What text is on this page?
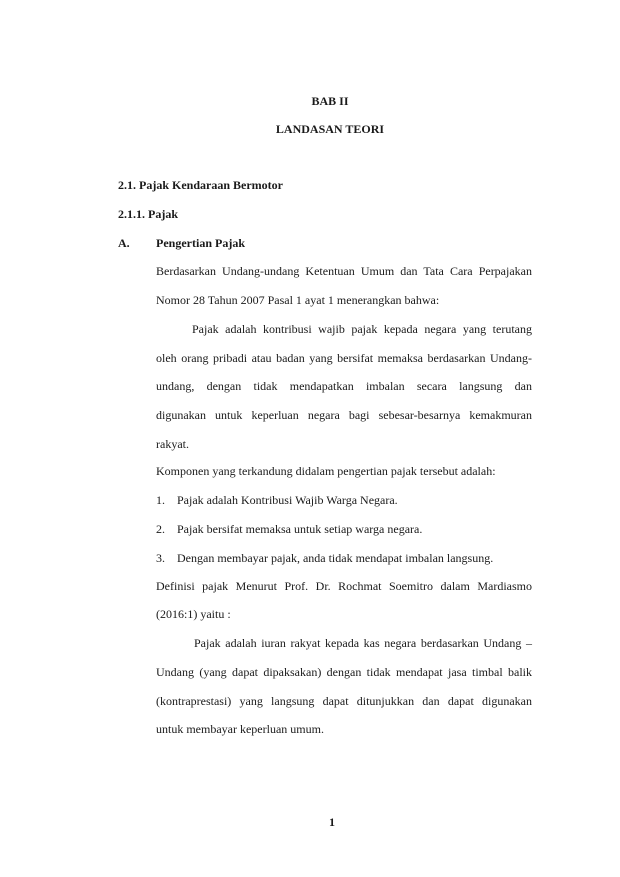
BAB II
LANDASAN TEORI
2.1. Pajak Kendaraan Bermotor
2.1.1. Pajak
A. Pengertian Pajak
Berdasarkan Undang-undang Ketentuan Umum dan Tata Cara Perpajakan
Nomor 28 Tahun 2007 Pasal 1 ayat 1 menerangkan bahwa:
Pajak adalah kontribusi wajib pajak kepada negara yang terutang
oleh orang pribadi atau badan yang bersifat memaksa berdasarkan Undang-
undang, dengan tidak mendapatkan imbalan secara langsung dan
digunakan untuk keperluan negara bagi sebesar-besarnya kemakmuran
rakyat.
Komponen yang terkandung didalam pengertian pajak tersebut adalah:
1. Pajak adalah Kontribusi Wajib Warga Negara.
2. Pajak bersifat memaksa untuk setiap warga negara.
3. Dengan membayar pajak, anda tidak mendapat imbalan langsung.
Definisi pajak Menurut Prof. Dr. Rochmat Soemitro dalam Mardiasmo
(2016:1) yaitu :
Pajak adalah iuran rakyat kepada kas negara berdasarkan Undang –
Undang (yang dapat dipaksakan) dengan tidak mendapat jasa timbal balik
(kontraprestasi) yang langsung dapat ditunjukkan dan dapat digunakan
untuk membayar keperluan umum.
1
